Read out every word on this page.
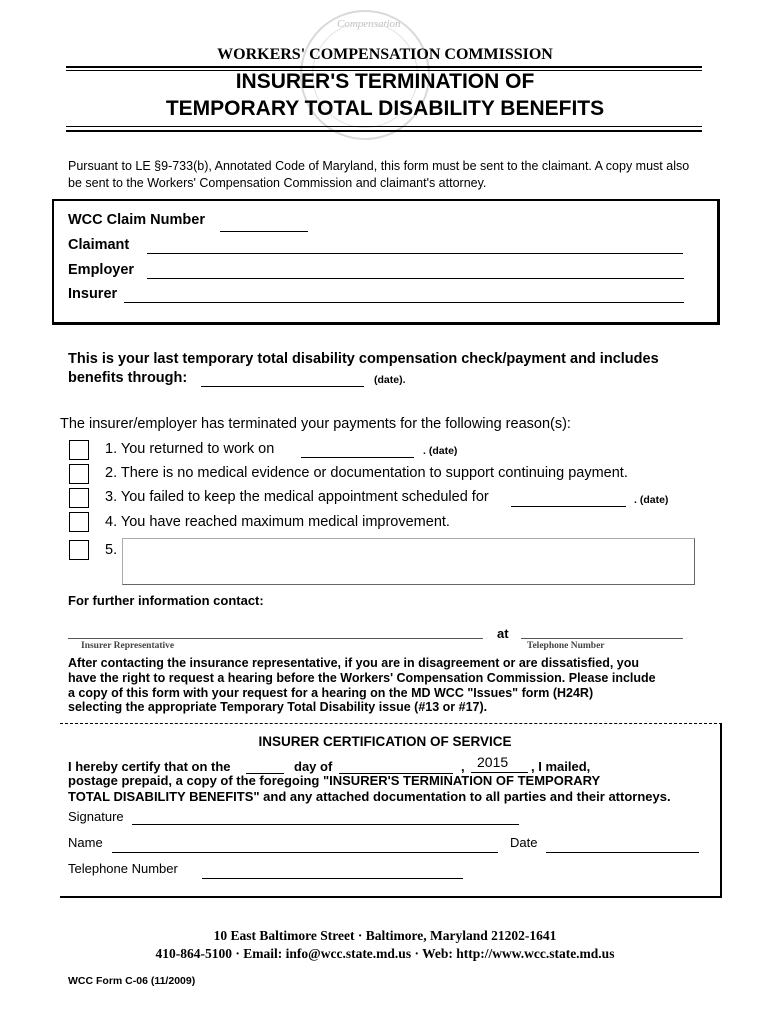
Compensation
WORKERS' COMPENSATION COMMISSION
INSURER'S TERMINATION OF
TEMPORARY TOTAL DISABILITY BENEFITS
Pursuant to LE §9-733(b), Annotated Code of Maryland, this form must be sent to the claimant. A copy must also
be sent to the Workers' Compensation Commission and claimant's attorney.
WCC Claim Number
Claimant
Employer
Insurer
This is your last temporary total disability compensation check/payment and includes
benefits through:	(date).
The insurer/employer has terminated your payments for the following reason(s):
1. You returned to work on	. (date)
2. There is no medical evidence or documentation to support continuing payment.
3. You failed to keep the medical appointment scheduled for	. (date)
4. You have reached maximum medical improvement.
5.
For further information contact:
at
Insurer Representative	Telephone Number
After contacting the insurance representative, if you are in disagreement or are dissatisfied, you
have the right to request a hearing before the Workers' Compensation Commission. Please include
a copy of this form with your request for a hearing on the MD WCC "Issues" form (H24R)
selecting the appropriate Temporary Total Disability issue (#13 or #17).
INSURER CERTIFICATION OF SERVICE
I hereby certify that on the	day of	, 2015 , I mailed,
postage prepaid, a copy of the foregoing "INSURER'S TERMINATION OF TEMPORARY
TOTAL DISABILITY BENEFITS" and any attached documentation to all parties and their attorneys.
Signature
Name	Date
Telephone Number
10 East Baltimore Street · Baltimore, Maryland 21202-1641
410-864-5100 · Email: info@wcc.state.md.us · Web: http://www.wcc.state.md.us
WCC Form C-06 (11/2009)
